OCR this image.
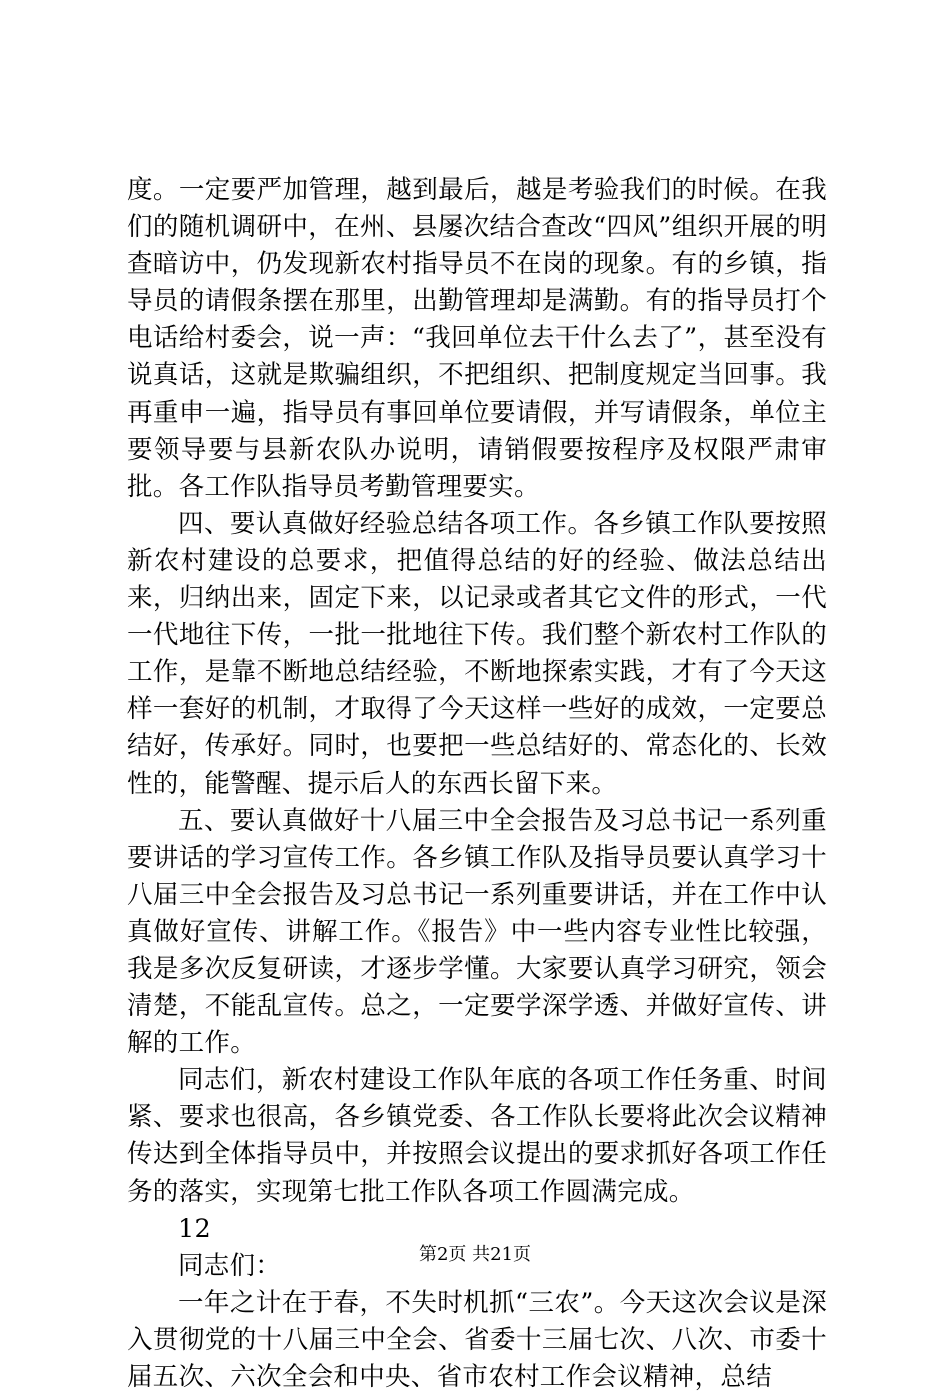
度。一定要严加管理，越到最后，越是考验我们的时候。在我们的随机调研中，在州、县屡次结合查改“四风”组织开展的明查暗访中，仍发现新农村指导员不在岗的现象。有的乡镇，指导员的请假条摆在那里，出勤管理却是满勤。有的指导员打个电话给村委会，说一声：“我回单位去干什么去了”，甚至没有说真话，这就是欺骗组织，不把组织、把制度规定当回事。我再重申一遍，指导员有事回单位要请假，并写请假条，单位主要领导要与县新农队办说明，请销假要按程序及权限严肃审批。各工作队指导员考勤管理要实。

四、要认真做好经验总结各项工作。各乡镇工作队要按照新农村建设的总要求，把值得总结的好的经验、做法总结出来，归纳出来，固定下来，以记录或者其它文件的形式，一代一代地往下传，一批一批地往下传。我们整个新农村工作队的工作，是靠不断地总结经验，不断地探索实践，才有了今天这样一套好的机制，才取得了今天这样一些好的成效，一定要总结好，传承好。同时，也要把一些总结好的、常态化的、长效性的，能警醒、提示后人的东西长留下来。

五、要认真做好十八届三中全会报告及习总书记一系列重要讲话的学习宣传工作。各乡镇工作队及指导员要认真学习十八届三中全会报告及习总书记一系列重要讲话，并在工作中认真做好宣传、讲解工作。《报告》中一些内容专业性比较强，我是多次反复研读，才逐步学懂。大家要认真学习研究，领会清楚，不能乱宣传。总之，一定要学深学透、并做好宣传、讲解的工作。

同志们，新农村建设工作队年底的各项工作任务重、时间紧、要求也很高，各乡镇党委、各工作队长要将此次会议精神传达到全体指导员中，并按照会议提出的要求抓好各项工作任务的落实，实现第七批工作队各项工作圆满完成。

12

同志们：

一年之计在于春，不失时机抓“三农”。今天这次会议是深入贯彻党的十八届三中全会、省委十三届七次、八次、市委十届五次、六次全会和中央、省市农村工作会议精神，总结

第2页 共21页
